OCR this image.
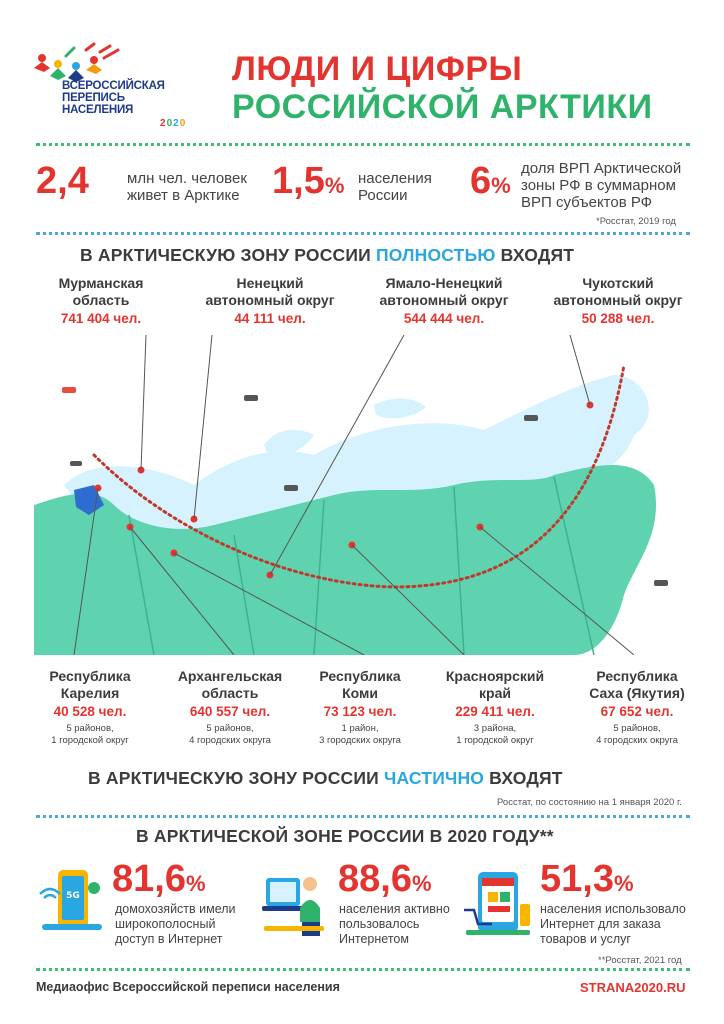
ВСЕРОССИЙСКАЯ
ПЕРЕПИСЬ
НАСЕЛЕНИЯ
2020
ЛЮДИ И ЦИФРЫ
РОССИЙСКОЙ АРКТИКИ
2,4	млн чел. человек
живет в Арктике 1,5% населения
России	6%
доля ВРП Арктической
зоны РФ в суммарном
ВРП субъектов РФ
*Росстат, 2019 год
В АРКТИЧЕСКУЮ ЗОНУ РОССИИ ПОЛНОСТЬЮ ВХОДЯТ
Мурманская
область
741 404 чел.
Ненецкий
автономный округ
44 111 чел.
Ямало-Ненецкий
автономный округ
544 444 чел.
Чукотский
автономный округ
50 288 чел.
Республика
Карелия
40 528 чел.
5 районов,
1 городской округ
Архангельская
область
640 557 чел.
5 районов,
4 городских округа
Республика
Коми
73 123 чел.
1 район,
3 городских округа
Красноярский
край
229 411 чел.
3 района,
1 городской округ
Республика
Саха (Якутия)
67 652 чел.
5 районов,
4 городских округа
В АРКТИЧЕСКУЮ ЗОНУ РОССИИ ЧАСТИЧНО ВХОДЯТ
Росстат, по состоянию на 1 января 2020 г.
В АРКТИЧЕСКОЙ ЗОНЕ РОССИИ В 2020 ГОДУ**
5G 81,6%
домохозяйств имели
широкополосный
доступ в Интернет
88,6%
населения активно
пользовалось
Интернетом
51,3%
населения использовало
Интернет для заказа
товаров и услуг
**Росстат, 2021 год
Медиаофис Всероссийской переписи населения	STRANA2020.RU
